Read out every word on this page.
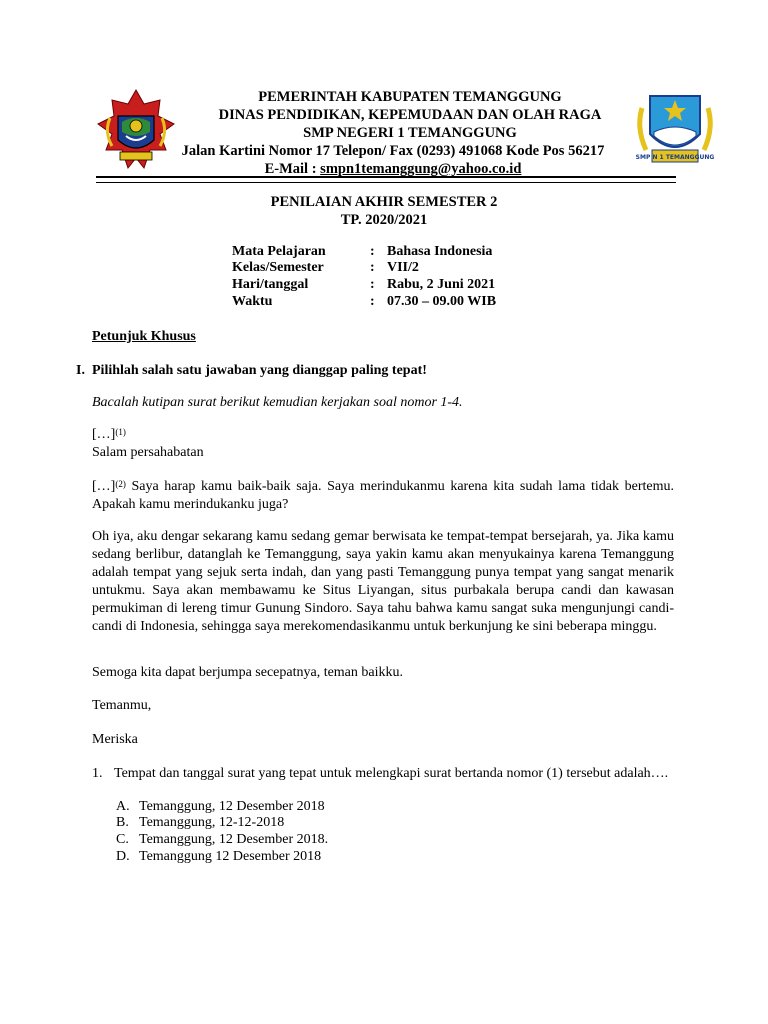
SMP N 1 TEMANGGUNG
PEMERINTAH KABUPATEN TEMANGGUNG
DINAS PENDIDIKAN, KEPEMUDAAN DAN OLAH RAGA
SMP NEGERI 1 TEMANGGUNG
Jalan Kartini Nomor 17 Telepon/ Fax (0293) 491068 Kode Pos 56217
E-Mail : smpn1temanggung@yahoo.co.id
PENILAIAN AKHIR SEMESTER 2
TP. 2020/2021
Mata Pelajaran	: Bahasa Indonesia
Kelas/Semester	: VII/2
Hari/tanggal	: Rabu, 2 Juni 2021
Waktu	: 07.30 – 09.00 WIB
Petunjuk Khusus
I. Pilihlah salah satu jawaban yang dianggap paling tepat!
Bacalah kutipan surat berikut kemudian kerjakan soal nomor 1-4.
[…]$^{(1)}$
Salam persahabatan
[…]$^{(2)}$ Saya harap kamu baik-baik saja. Saya merindukanmu karena kita sudah lama tidak bertemu. Apakah kamu merindukanku juga?
Oh iya, aku dengar sekarang kamu sedang gemar berwisata ke tempat-tempat bersejarah, ya. Jika kamu sedang berlibur, datanglah ke Temanggung, saya yakin kamu akan menyukainya karena Temanggung adalah tempat yang sejuk serta indah, dan yang pasti Temanggung punya tempat yang sangat menarik untukmu. Saya akan membawamu ke Situs Liyangan, situs purbakala berupa candi dan kawasan permukiman di lereng timur Gunung Sindoro. Saya tahu bahwa kamu sangat suka mengunjungi candi-candi di Indonesia, sehingga saya merekomendasikanmu untuk berkunjung ke sini beberapa minggu.
Semoga kita dapat berjumpa secepatnya, teman baikku.
Temanmu,
Meriska
1. Tempat dan tanggal surat yang tepat untuk melengkapi surat bertanda nomor (1) tersebut adalah….
A. Temanggung, 12 Desember 2018
B. Temanggung, 12-12-2018
C. Temanggung, 12 Desember 2018.
D. Temanggung 12 Desember 2018
